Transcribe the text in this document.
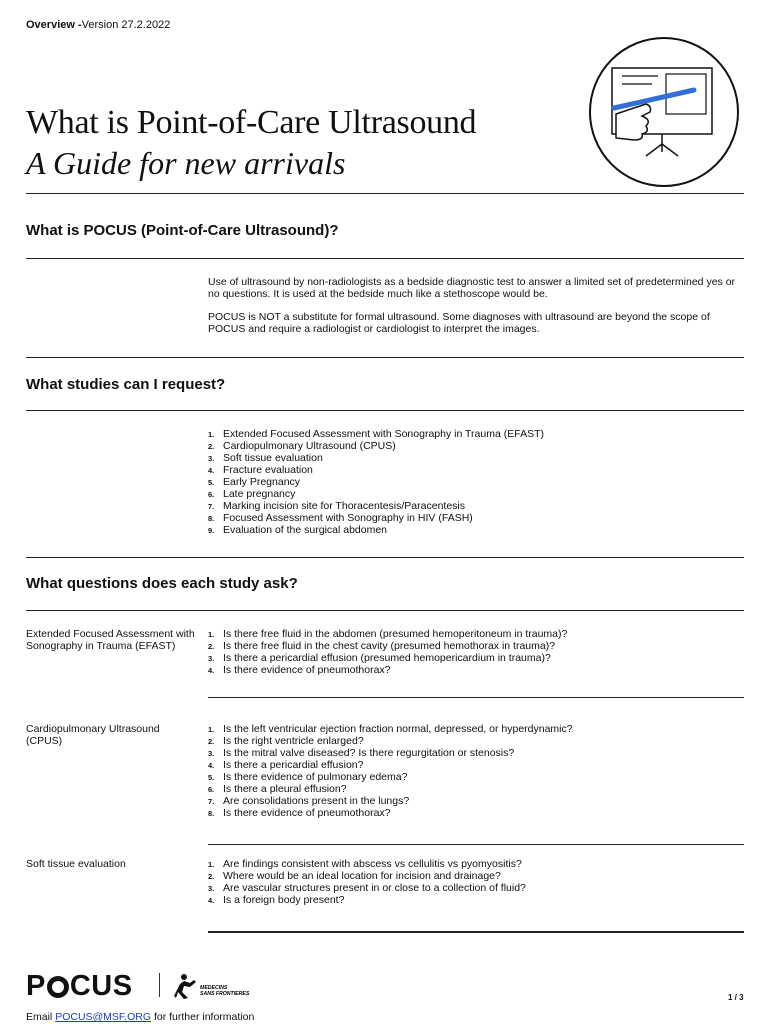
Overview -Version 27.2.2022
What is Point-of-Care Ultrasound
A Guide for new arrivals
What is POCUS (Point-of-Care Ultrasound)?

Use of ultrasound by non-radiologists as a bedside diagnostic test to answer a limited set of predetermined yes or no questions. It is used at the bedside much like a stethoscope would be.

POCUS is NOT a substitute for formal ultrasound. Some diagnoses with ultrasound are beyond the scope of POCUS and require a radiologist or cardiologist to interpret the images.

What studies can I request?
Extended Focused Assessment with Sonography in Trauma (EFAST)
Cardiopulmonary Ultrasound (CPUS)
Soft tissue evaluation
Fracture evaluation
Early Pregnancy
Late pregnancy
Marking incision site for Thoracentesis/Paracentesis
Focused Assessment with Sonography in HIV (FASH)
Evaluation of the surgical abdomen
What questions does each study ask?
Extended Focused Assessment with Sonography in Trauma (EFAST)
Is there free fluid in the abdomen (presumed hemoperitoneum in trauma)?
Is there free fluid in the chest cavity (presumed hemothorax in trauma)?
Is there a pericardial effusion (presumed hemopericardium in trauma)?
Is there evidence of pneumothorax?
Cardiopulmonary Ultrasound (CPUS)
Is the left ventricular ejection fraction normal, depressed, or hyperdynamic?
Is the right ventricle enlarged?
Is the mitral valve diseased? Is there regurgitation or stenosis?
Is there a pericardial effusion?
Is there evidence of pulmonary edema?
Is there a pleural effusion?
Are consolidations present in the lungs?
Is there evidence of pneumothorax?
Soft tissue evaluation	Are findings consistent with abscess vs cellulitis vs pyomyositis?
Where would be an ideal location for incision and drainage?
Are vascular structures present in or close to a collection of fluid?
Is a foreign body present?
P CUS	MEDECINS
SANS FRONTIERES	1 / 3
Email POCUS@MSF.ORG for further information
